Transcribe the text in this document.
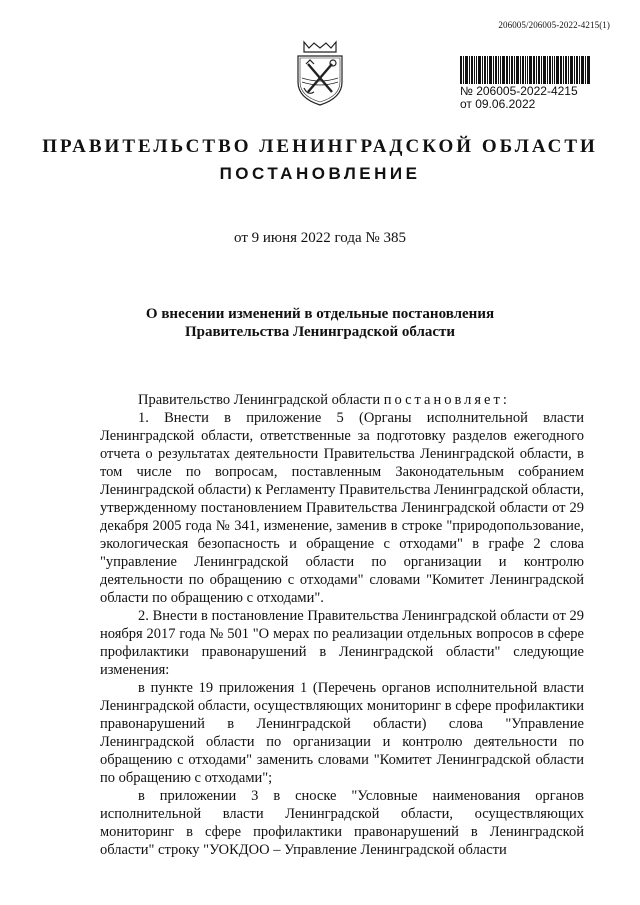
206005/206005-2022-4215(1)
№ 206005-2022-4215
от 09.06.2022
ПРАВИТЕЛЬСТВО ЛЕНИНГРАДСКОЙ ОБЛАСТИ
ПОСТАНОВЛЕНИЕ
от 9 июня 2022 года № 385
О внесении изменений в отдельные постановления
Правительства Ленинградской области

Правительство Ленинградской области постановляет:

1. Внести в приложение 5 (Органы исполнительной власти Ленинградской области, ответственные за подготовку разделов ежегодного отчета о результатах деятельности Правительства Ленинградской области, в том числе по вопросам, поставленным Законодательным собранием Ленинградской области) к Регламенту Правительства Ленинградской области, утвержденному постановлением Правительства Ленинградской области от 29 декабря 2005 года № 341, изменение, заменив в строке "природопользование, экологическая безопасность и обращение с отходами" в графе 2 слова "управление Ленинградской области по организации и контролю деятельности по обращению с отходами" словами "Комитет Ленинградской области по обращению с отходами".

2. Внести в постановление Правительства Ленинградской области от 29 ноября 2017 года № 501 "О мерах по реализации отдельных вопросов в сфере профилактики правонарушений в Ленинградской области" следующие изменения:

в пункте 19 приложения 1 (Перечень органов исполнительной власти Ленинградской области, осуществляющих мониторинг в сфере профилактики правонарушений в Ленинградской области) слова "Управление Ленинградской области по организации и контролю деятельности по обращению с отходами" заменить словами "Комитет Ленинградской области по обращению с отходами";

в приложении 3 в сноске "Условные наименования органов исполнительной власти Ленинградской области, осуществляющих мониторинг в сфере профилактики правонарушений в Ленинградской области" строку "УОКДОО – Управление Ленинградской области
